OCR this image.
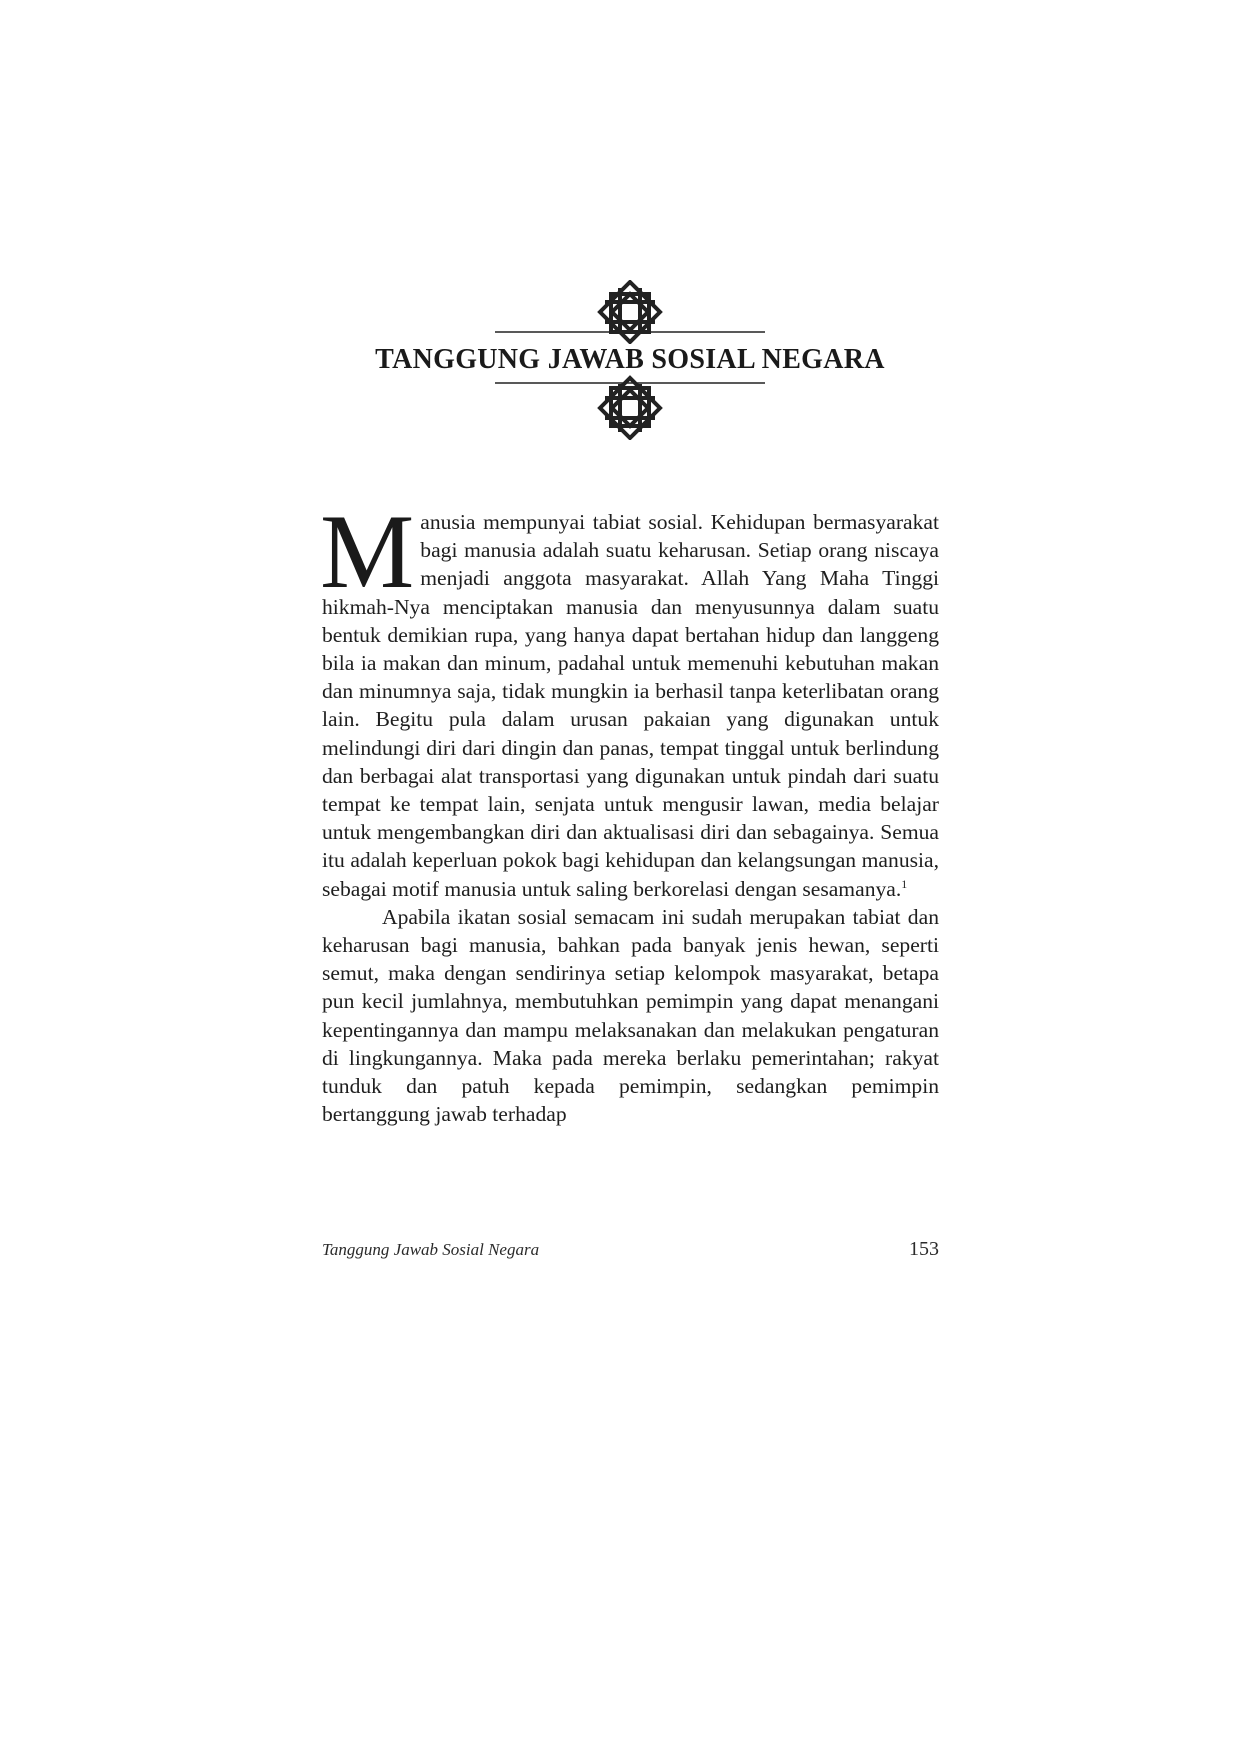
TANGGUNG JAWAB SOSIAL NEGARA

Manusia mempunyai tabiat sosial. Kehidupan bermasyarakat bagi manusia adalah suatu keharusan. Setiap orang niscaya menjadi anggota masyarakat. Allah Yang Maha Tinggi hikmah-Nya menciptakan manusia dan menyusunnya dalam suatu bentuk demikian rupa, yang hanya dapat bertahan hidup dan langgeng bila ia makan dan minum, padahal untuk memenuhi kebutuhan makan dan minumnya saja, tidak mungkin ia berhasil tanpa keterlibatan orang lain. Begitu pula dalam urusan pakaian yang digunakan untuk melindungi diri dari dingin dan panas, tempat tinggal untuk berlindung dan berbagai alat transportasi yang digunakan untuk pindah dari suatu tempat ke tempat lain, senjata untuk mengusir lawan, media belajar untuk mengembangkan diri dan aktualisasi diri dan sebagainya. Semua itu adalah keperluan pokok bagi kehidupan dan kelangsungan manusia, sebagai motif manusia untuk saling berkorelasi dengan sesamanya.$^1$

Apabila ikatan sosial semacam ini sudah merupakan tabiat dan keharusan bagi manusia, bahkan pada banyak jenis hewan, seperti semut, maka dengan sendirinya setiap kelompok masyarakat, betapa pun kecil jumlahnya, membutuhkan pemimpin yang dapat menangani kepentingannya dan mampu melaksanakan dan melakukan pengaturan di lingkungannya. Maka pada mereka berlaku pemerintahan; rakyat tunduk dan patuh kepada pemimpin, sedangkan pemimpin bertanggung jawab terhadap

Tanggung Jawab Sosial Negara	153
